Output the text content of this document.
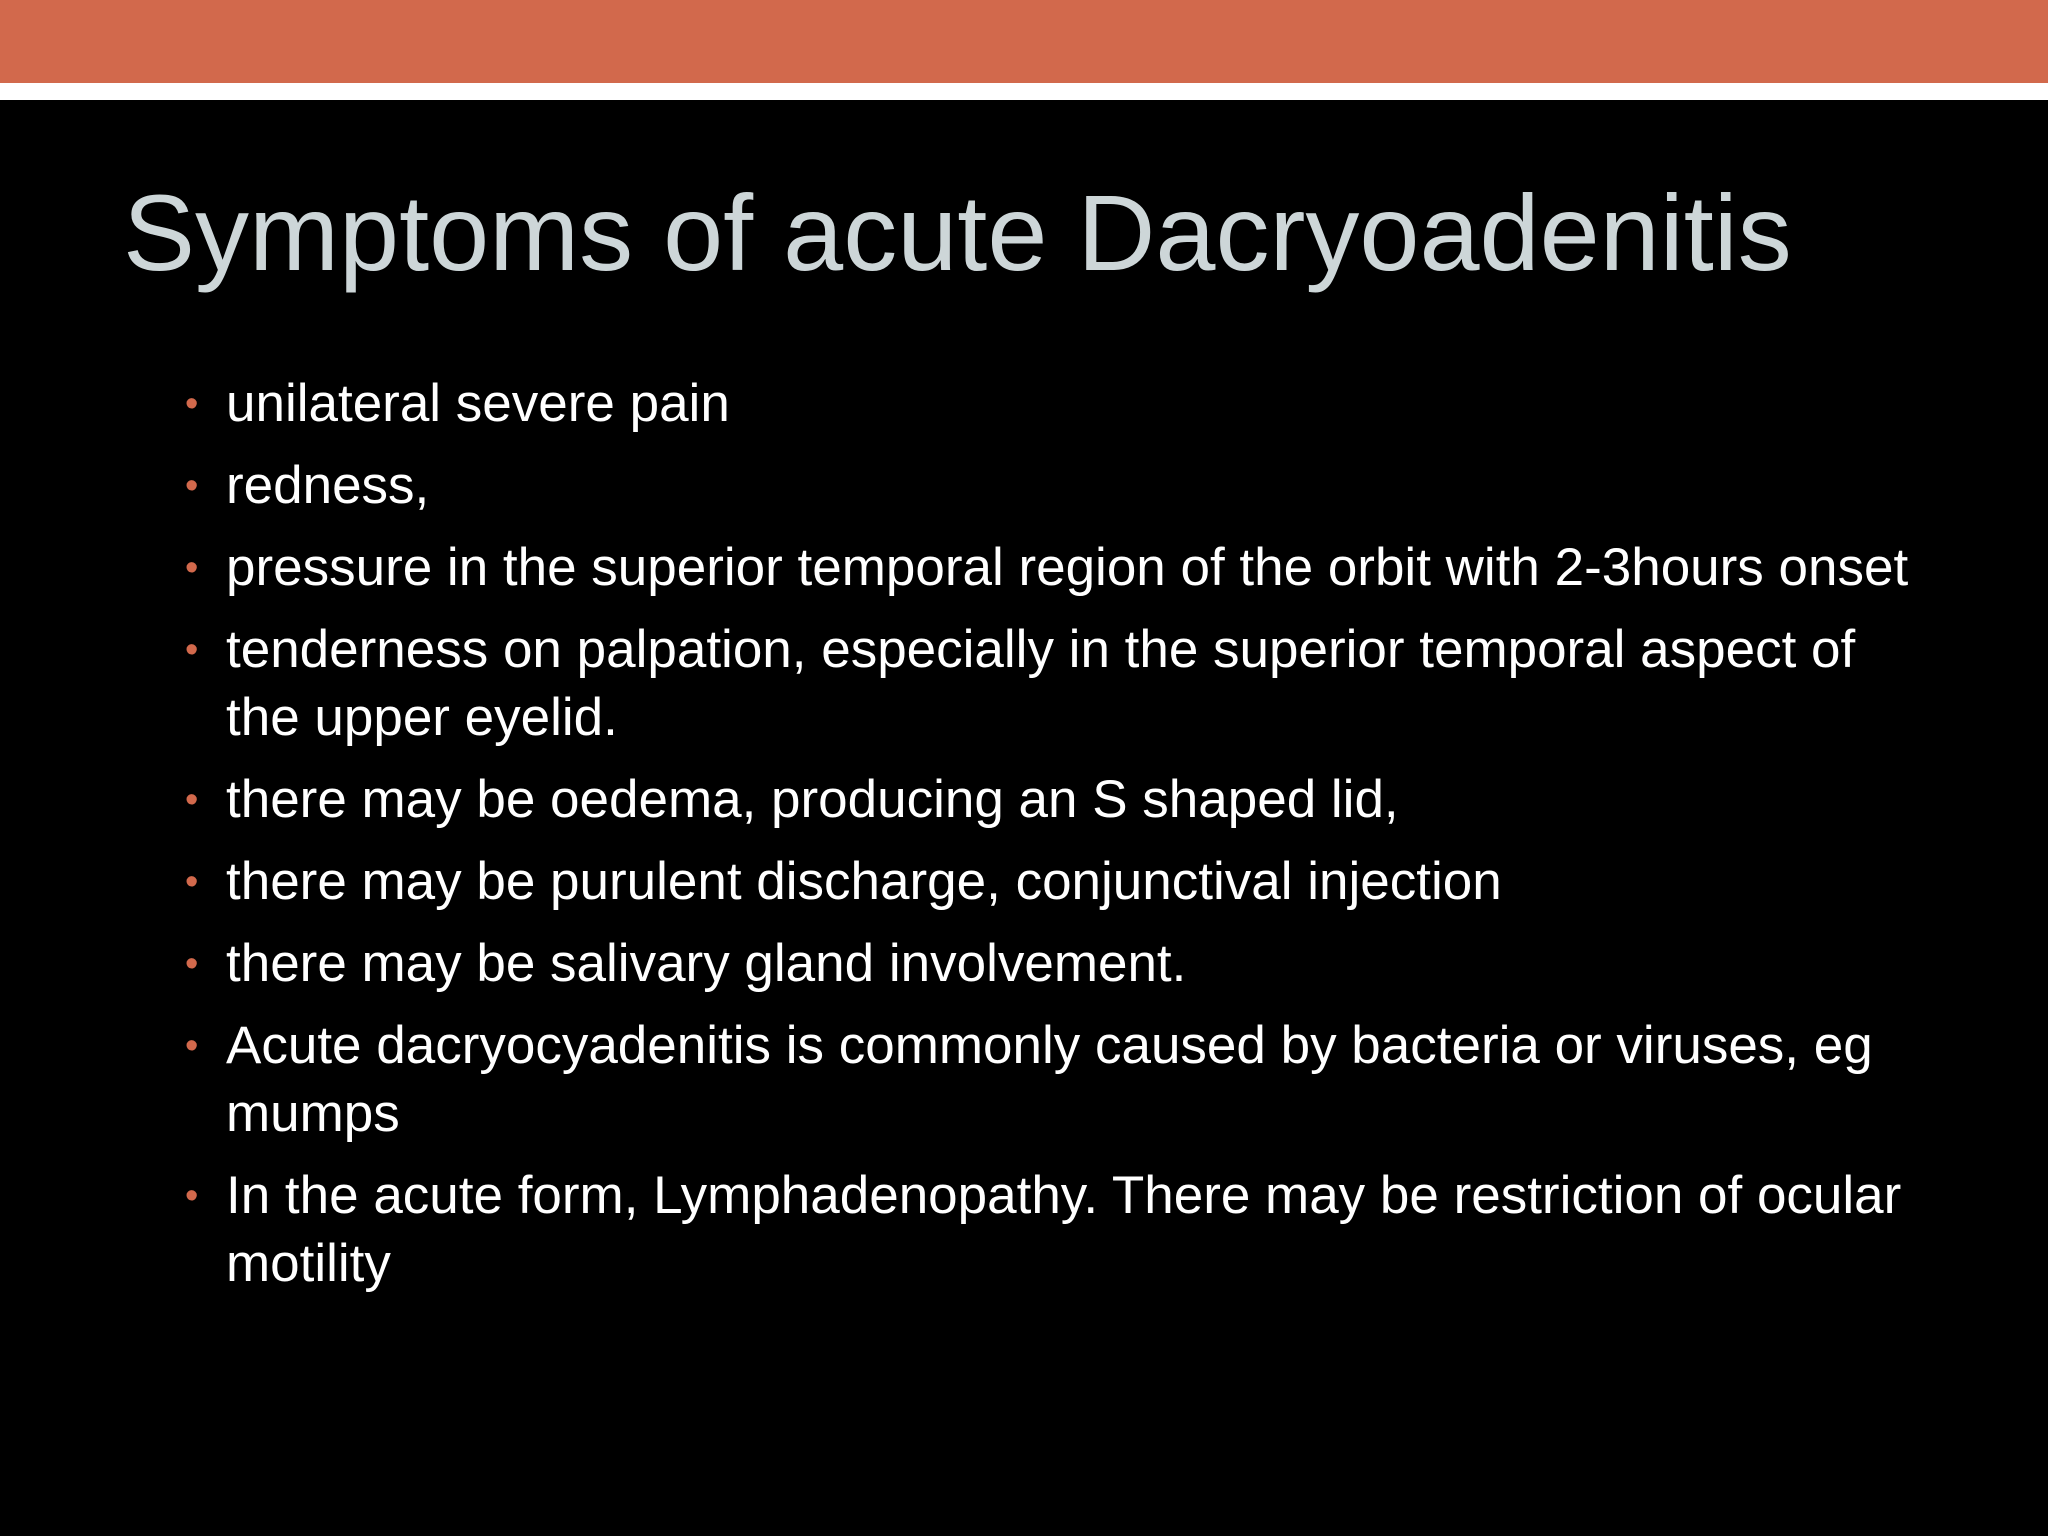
Symptoms of acute Dacryoadenitis
• unilateral severe pain
• redness,
• pressure in the superior temporal region of the orbit with 2-3hours onset
• tenderness on palpation, especially in the superior temporal aspect of the upper eyelid.
• there may be oedema, producing an S shaped lid,
• there may be purulent discharge, conjunctival injection
• there may be salivary gland involvement.
• Acute dacryocyadenitis is commonly caused by bacteria or viruses, eg mumps
• In the acute form, Lymphadenopathy. There may be restriction of ocular motility
